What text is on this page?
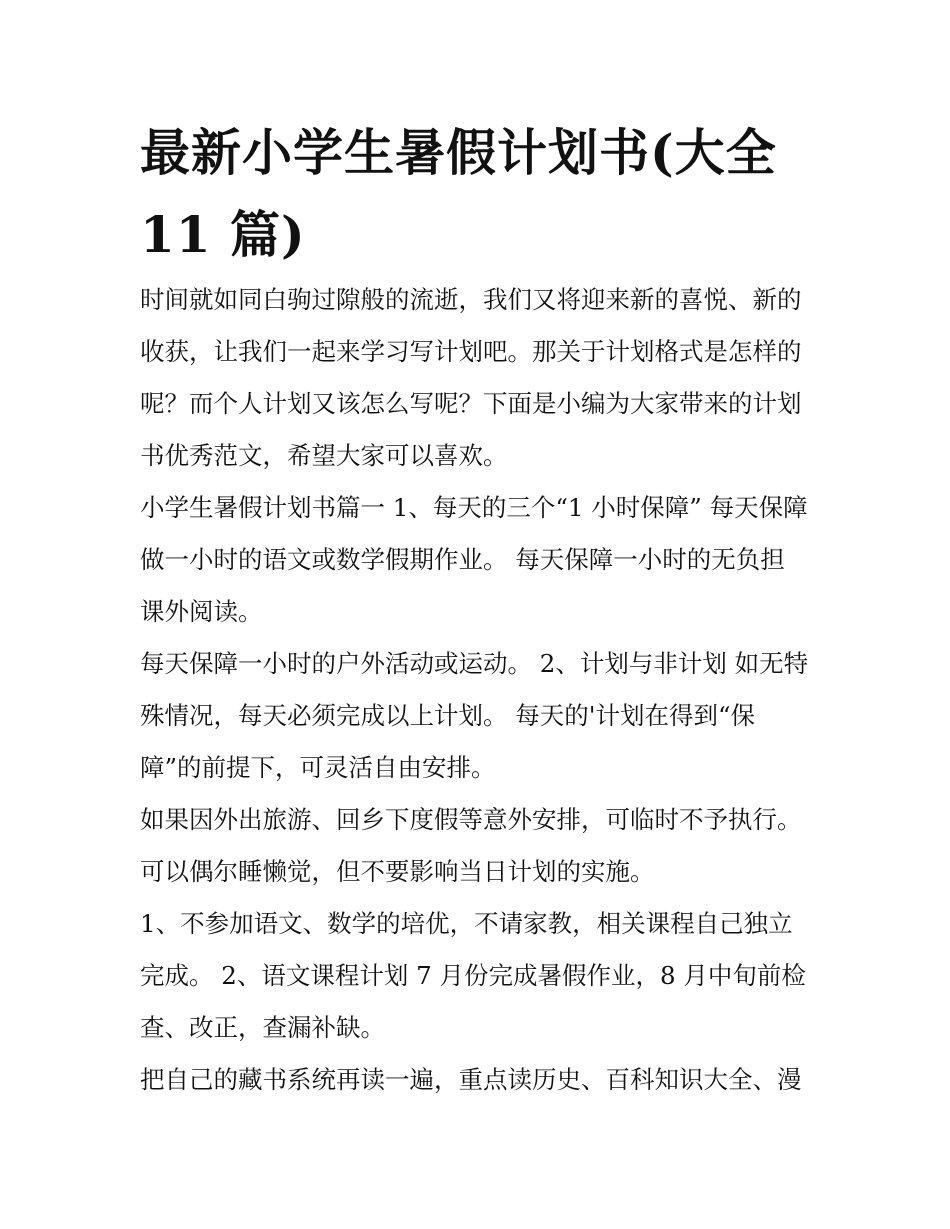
最新小学生暑假计划书(大全
11 篇)

时间就如同白驹过隙般的流逝，我们又将迎来新的喜悦、新的

收获，让我们一起来学习写计划吧。那关于计划格式是怎样的

呢？而个人计划又该怎么写呢？下面是小编为大家带来的计划

书优秀范文，希望大家可以喜欢。

小学生暑假计划书篇一 1、每天的三个“1 小时保障” 每天保障

做一小时的语文或数学假期作业。 每天保障一小时的无负担

课外阅读。

每天保障一小时的户外活动或运动。 2、计划与非计划 如无特

殊情况，每天必须完成以上计划。 每天的'计划在得到“保

障”的前提下，可灵活自由安排。

如果因外出旅游、回乡下度假等意外安排，可临时不予执行。

可以偶尔睡懒觉，但不要影响当日计划的实施。

1、不参加语文、数学的培优，不请家教，相关课程自己独立

完成。 2、语文课程计划 7 月份完成暑假作业，8 月中旬前检

查、改正，查漏补缺。

把自己的藏书系统再读一遍，重点读历史、百科知识大全、漫
